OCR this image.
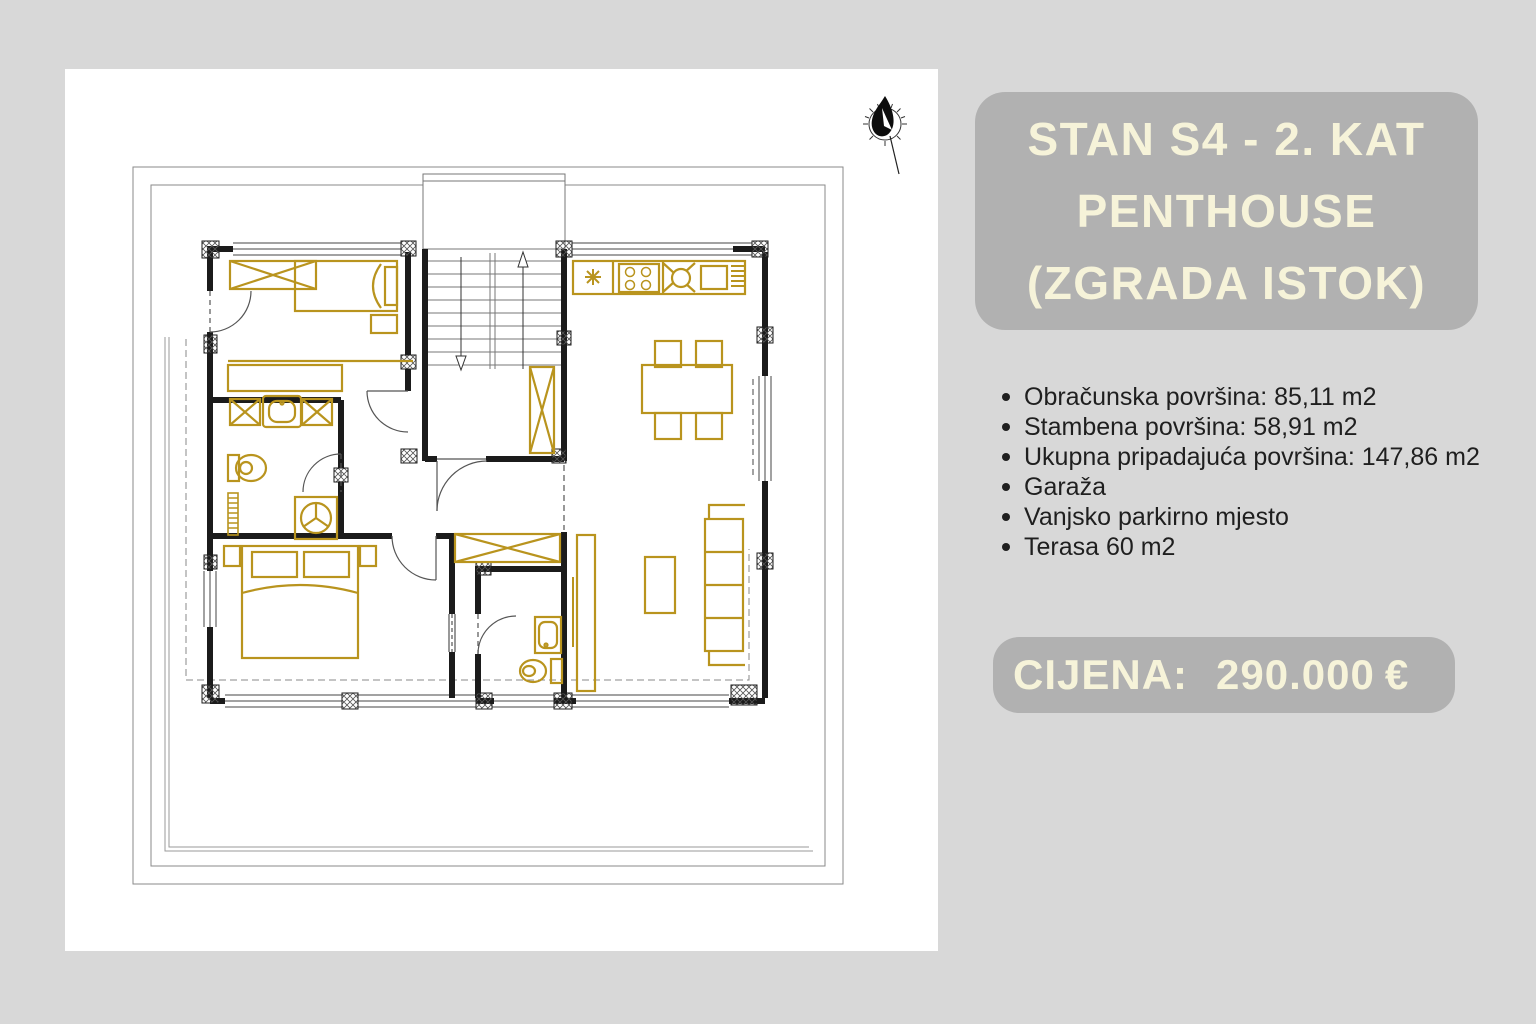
STAN S4 - 2. KAT
PENTHOUSE
(ZGRADA ISTOK)
Obračunska površina: 85,11 m2
Stambena površina: 58,91 m2
Ukupna pripadajuća površina: 147,86 m2
Garaža
Vanjsko parkirno mjesto
Terasa 60 m2
CIJENA: 290.000 €
